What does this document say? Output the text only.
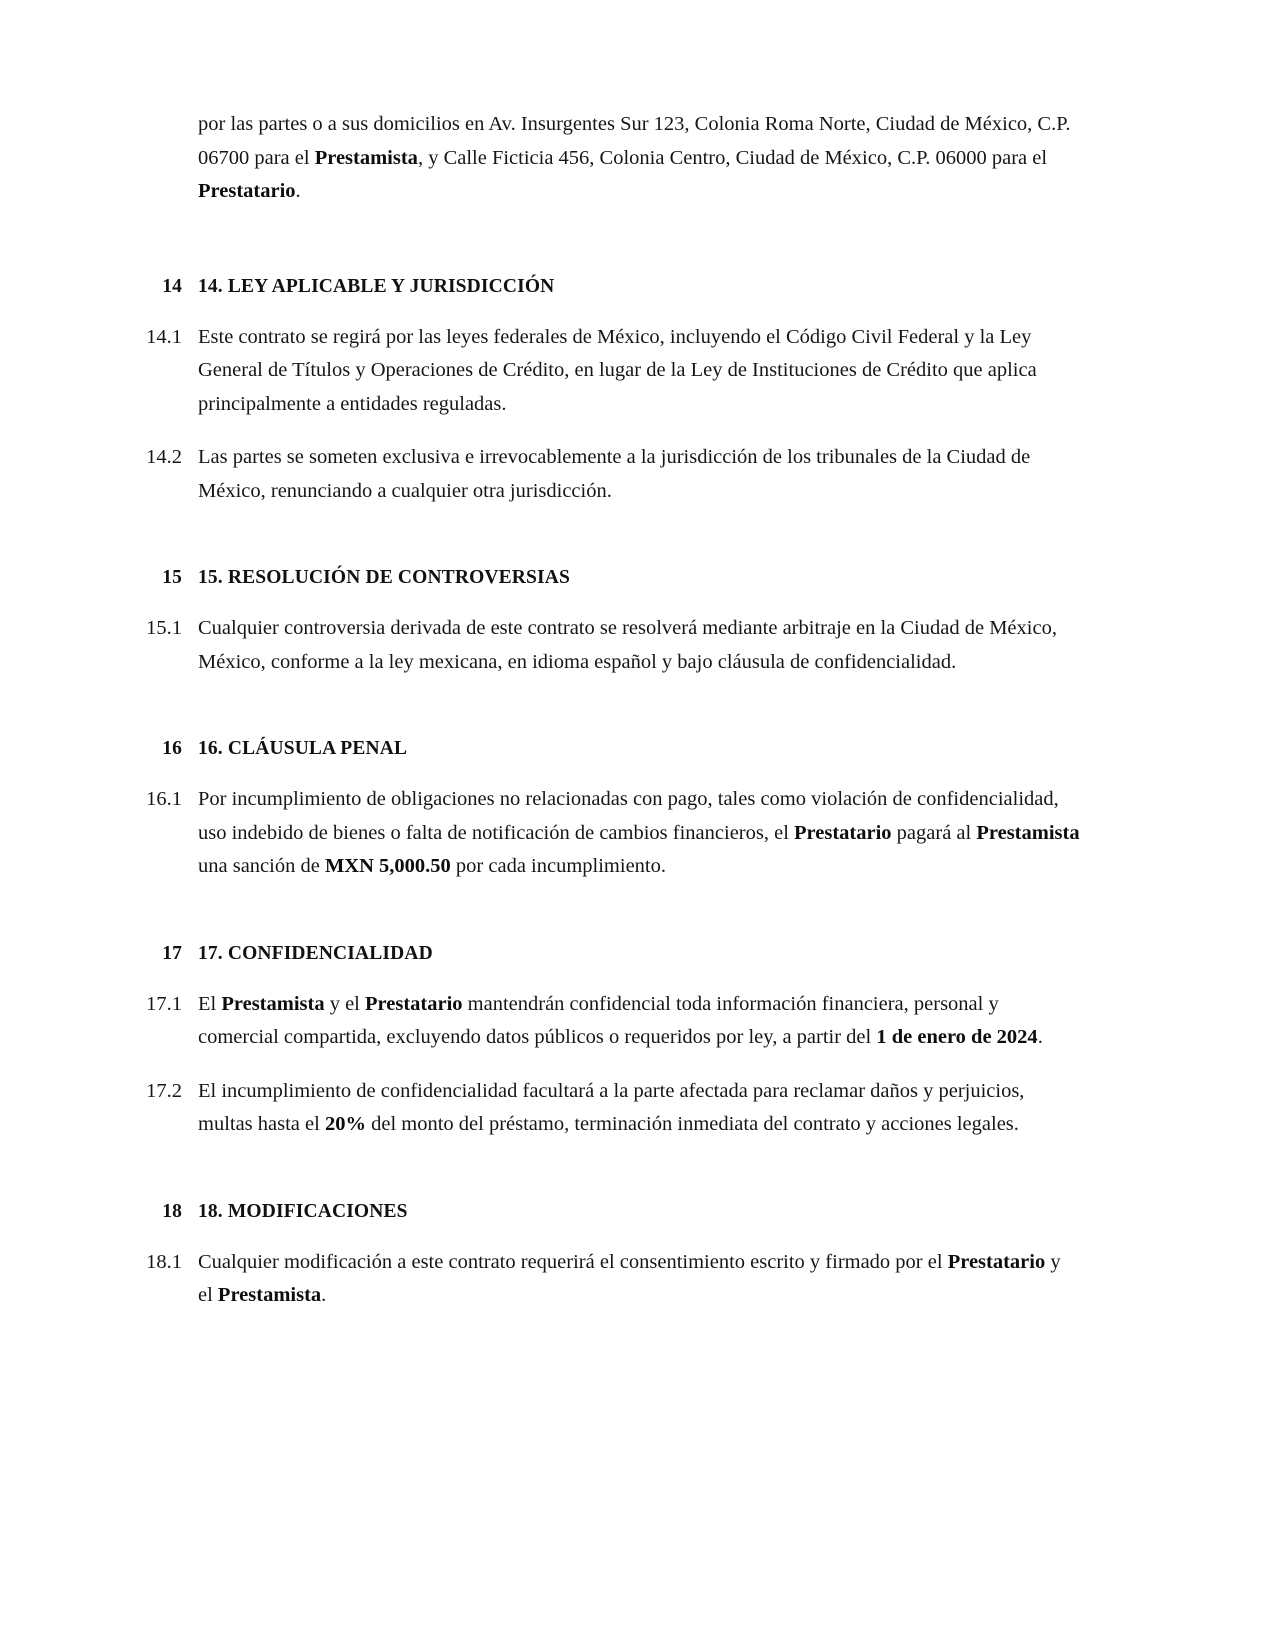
por las partes o a sus domicilios en Av. Insurgentes Sur 123, Colonia Roma Norte, Ciudad de México, C.P. 06700 para el Prestamista, y Calle Ficticia 456, Colonia Centro, Ciudad de México, C.P. 06000 para el Prestatario.

14 14. LEY APLICABLE Y JURISDICCIÓN
14.1 Este contrato se regirá por las leyes federales de México, incluyendo el Código Civil Federal y la Ley General de Títulos y Operaciones de Crédito, en lugar de la Ley de Instituciones de Crédito que aplica principalmente a entidades reguladas.
14.2 Las partes se someten exclusiva e irrevocablemente a la jurisdicción de los tribunales de la Ciudad de México, renunciando a cualquier otra jurisdicción.
15 15. RESOLUCIÓN DE CONTROVERSIAS
15.1 Cualquier controversia derivada de este contrato se resolverá mediante arbitraje en la Ciudad de México, México, conforme a la ley mexicana, en idioma español y bajo cláusula de confidencialidad.
16 16. CLÁUSULA PENAL
16.1 Por incumplimiento de obligaciones no relacionadas con pago, tales como violación de confidencialidad, uso indebido de bienes o falta de notificación de cambios financieros, el Prestatario pagará al Prestamista una sanción de MXN 5,000.50 por cada incumplimiento.
17 17. CONFIDENCIALIDAD
17.1 El Prestamista y el Prestatario mantendrán confidencial toda información financiera, personal y comercial compartida, excluyendo datos públicos o requeridos por ley, a partir del 1 de enero de 2024.
17.2 El incumplimiento de confidencialidad facultará a la parte afectada para reclamar daños y perjuicios, multas hasta el 20% del monto del préstamo, terminación inmediata del contrato y acciones legales.
18 18. MODIFICACIONES
18.1 Cualquier modificación a este contrato requerirá el consentimiento escrito y firmado por el Prestatario y el Prestamista.
